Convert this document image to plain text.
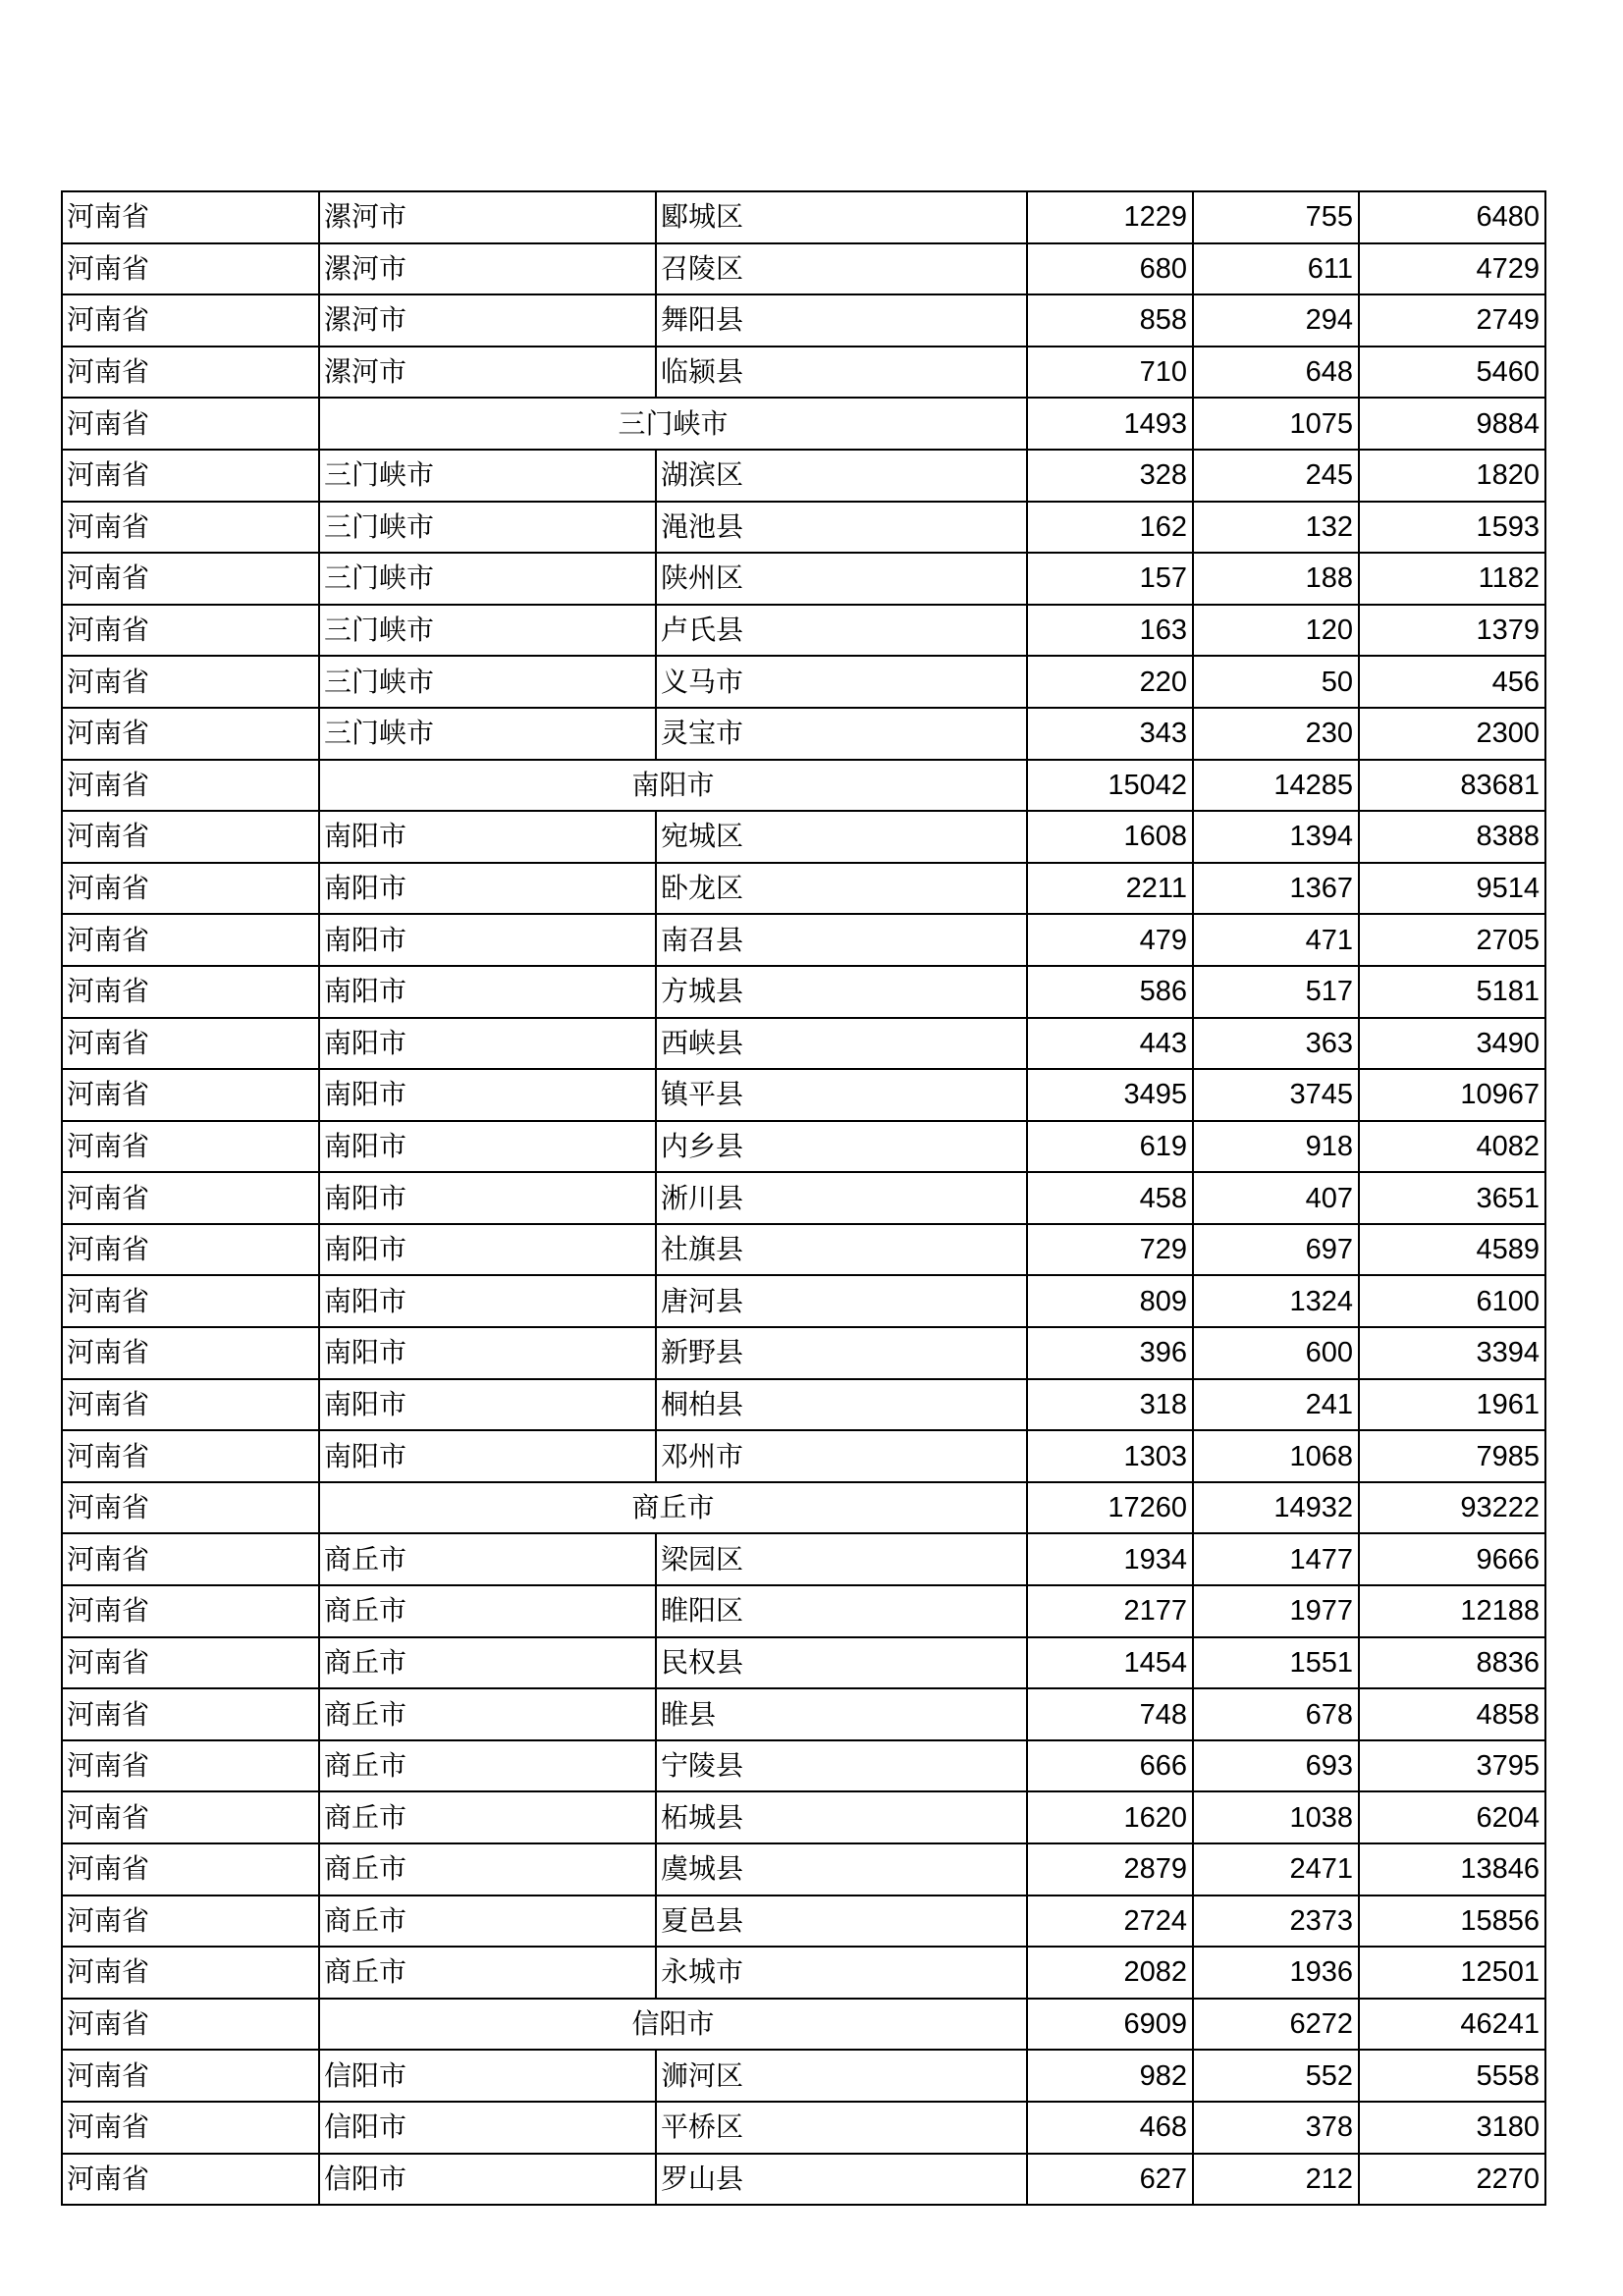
河南省	漯河市	郾城区	1229	755	6480
河南省	漯河市	召陵区	680	611	4729
河南省	漯河市	舞阳县	858	294	2749
河南省	漯河市	临颍县	710	648	5460
河南省	三门峡市		1493	1075	9884
河南省	三门峡市	湖滨区	328	245	1820
河南省	三门峡市	渑池县	162	132	1593
河南省	三门峡市	陕州区	157	188	1182
河南省	三门峡市	卢氏县	163	120	1379
河南省	三门峡市	义马市	220	50	456
河南省	三门峡市	灵宝市	343	230	2300
河南省	南阳市		15042	14285	83681
河南省	南阳市	宛城区	1608	1394	8388
河南省	南阳市	卧龙区	2211	1367	9514
河南省	南阳市	南召县	479	471	2705
河南省	南阳市	方城县	586	517	5181
河南省	南阳市	西峡县	443	363	3490
河南省	南阳市	镇平县	3495	3745	10967
河南省	南阳市	内乡县	619	918	4082
河南省	南阳市	淅川县	458	407	3651
河南省	南阳市	社旗县	729	697	4589
河南省	南阳市	唐河县	809	1324	6100
河南省	南阳市	新野县	396	600	3394
河南省	南阳市	桐柏县	318	241	1961
河南省	南阳市	邓州市	1303	1068	7985
河南省	商丘市		17260	14932	93222
河南省	商丘市	梁园区	1934	1477	9666
河南省	商丘市	睢阳区	2177	1977	12188
河南省	商丘市	民权县	1454	1551	8836
河南省	商丘市	睢县	748	678	4858
河南省	商丘市	宁陵县	666	693	3795
河南省	商丘市	柘城县	1620	1038	6204
河南省	商丘市	虞城县	2879	2471	13846
河南省	商丘市	夏邑县	2724	2373	15856
河南省	商丘市	永城市	2082	1936	12501
河南省	信阳市		6909	6272	46241
河南省	信阳市	浉河区	982	552	5558
河南省	信阳市	平桥区	468	378	3180
河南省	信阳市	罗山县	627	212	2270
